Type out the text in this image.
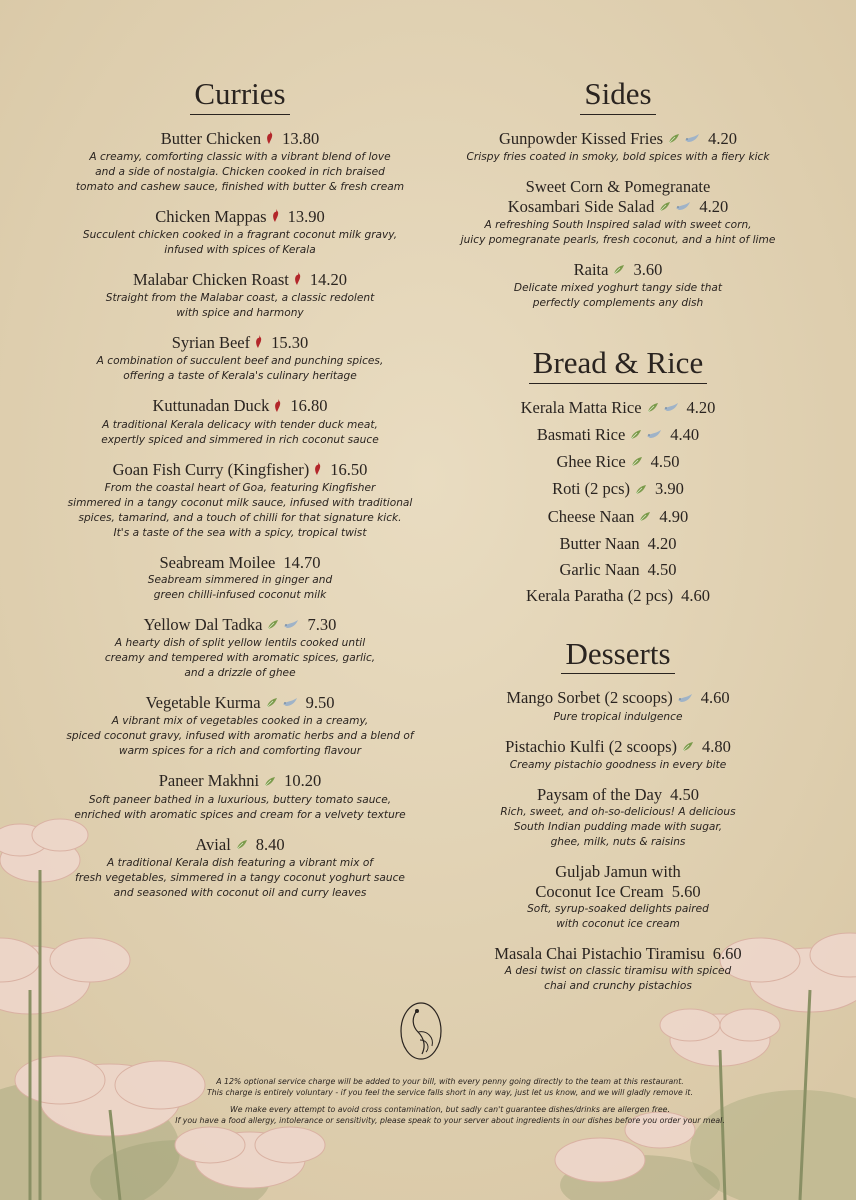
Curries
Butter Chicken 13.80
A creamy, comforting classic with a vibrant blend of love
and a side of nostalgia. Chicken cooked in rich braised
tomato and cashew sauce, finished with butter & fresh cream
Chicken Mappas 13.90
Succulent chicken cooked in a fragrant coconut milk gravy,
infused with spices of Kerala
Malabar Chicken Roast 14.20
Straight from the Malabar coast, a classic redolent
with spice and harmony
Syrian Beef 15.30
A combination of succulent beef and punching spices,
offering a taste of Kerala's culinary heritage
Kuttunadan Duck 16.80
A traditional Kerala delicacy with tender duck meat,
expertly spiced and simmered in rich coconut sauce
Goan Fish Curry (Kingfisher) 16.50
From the coastal heart of Goa, featuring Kingfisher
simmered in a tangy coconut milk sauce, infused with traditional
spices, tamarind, and a touch of chilli for that signature kick.
It's a taste of the sea with a spicy, tropical twist
Seabream Moilee 14.70
Seabream simmered in ginger and
green chilli-infused coconut milk
Yellow Dal Tadka	7.30
A hearty dish of split yellow lentils cooked until
creamy and tempered with aromatic spices, garlic,
and a drizzle of ghee
Vegetable Kurma	9.50
A vibrant mix of vegetables cooked in a creamy,
spiced coconut gravy, infused with aromatic herbs and a blend of
warm spices for a rich and comforting flavour
Paneer Makhni 10.20
Soft paneer bathed in a luxurious, buttery tomato sauce,
enriched with aromatic spices and cream for a velvety texture
Avial 8.40
A traditional Kerala dish featuring a vibrant mix of
fresh vegetables, simmered in a tangy coconut yoghurt sauce
and seasoned with coconut oil and curry leaves
Sides
Gunpowder Kissed Fries	4.20
Crispy fries coated in smoky, bold spices with a fiery kick
Sweet Corn & Pomegranate
Kosambari Side Salad	4.20
A refreshing South Inspired salad with sweet corn,
juicy pomegranate pearls, fresh coconut, and a hint of lime
Raita 3.60
Delicate mixed yoghurt tangy side that
perfectly complements any dish
Bread & Rice
Kerala Matta Rice	4.20
Basmati Rice	4.40
Ghee Rice 4.50
Roti (2 pcs) 3.90
Cheese Naan 4.90
Butter Naan 4.20
Garlic Naan 4.50
Kerala Paratha (2 pcs) 4.60
Desserts
Mango Sorbet (2 scoops) 4.60
Pure tropical indulgence
Pistachio Kulfi (2 scoops) 4.80
Creamy pistachio goodness in every bite
Paysam of the Day 4.50
Rich, sweet, and oh-so-delicious! A delicious
South Indian pudding made with sugar,
ghee, milk, nuts & raisins
Guljab Jamun with
Coconut Ice Cream 5.60
Soft, syrup-soaked delights paired
with coconut ice cream
Masala Chai Pistachio Tiramisu 6.60
A desi twist on classic tiramisu with spiced
chai and crunchy pistachios

A 12% optional service charge will be added to your bill, with every penny going directly to the team at this restaurant.
This charge is entirely voluntary - if you feel the service falls short in any way, just let us know, and we will gladly remove it.

We make every attempt to avoid cross contamination, but sadly can't guarantee dishes/drinks are allergen free.
If you have a food allergy, intolerance or sensitivity, please speak to your server about ingredients in our dishes before you order your meal.
